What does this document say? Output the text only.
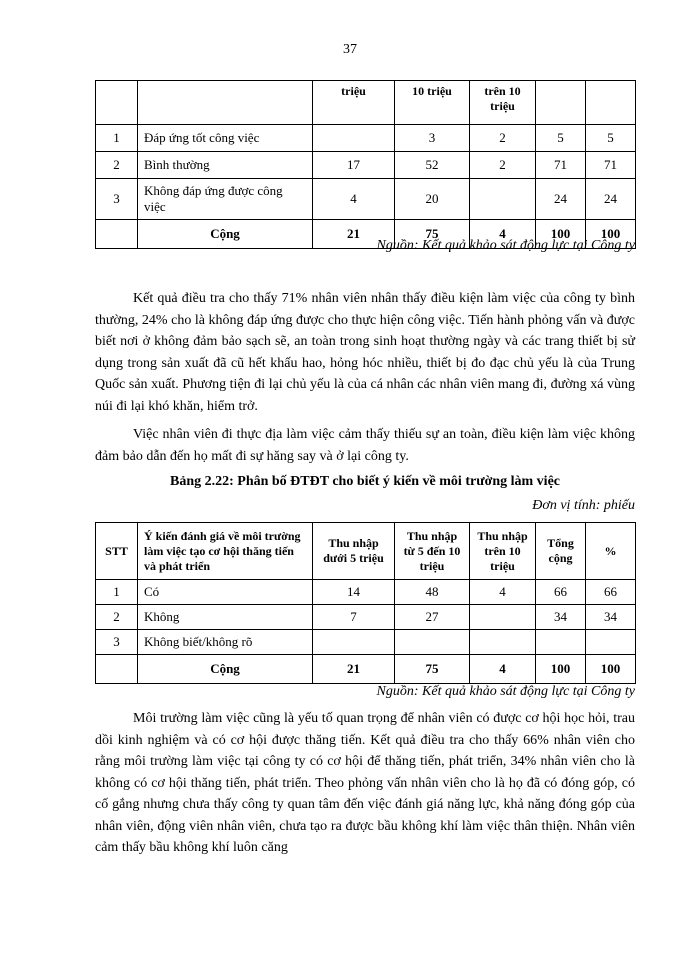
37
		triệu	10 triệu	trên 10 triệu		
1	Đáp ứng tốt công việc		3	2	5	5
2	Bình thường	17	52	2	71	71
3	Không đáp ứng được công việc	4	20		24	24
	Cộng	21	75	4	100	100
Nguồn: Kết quả khảo sát động lực tại Công ty

Kết quả điều tra cho thấy 71% nhân viên nhân thấy điều kiện làm việc của công ty bình thường, 24% cho là không đáp ứng được cho thực hiện công việc. Tiến hành phỏng vấn và được biết nơi ở không đảm bảo sạch sẽ, an toàn trong sinh hoạt thường ngày và các trang thiết bị sử dụng trong sản xuất đã cũ hết khấu hao, hỏng hóc nhiều, thiết bị đo đạc chủ yếu là của Trung Quốc sản xuất. Phương tiện đi lại chủ yếu là của cá nhân các nhân viên mang đi, đường xá vùng núi đi lại khó khăn, hiểm trở.

Việc nhân viên đi thực địa làm việc cảm thấy thiếu sự an toàn, điều kiện làm việc không đảm bảo dẫn đến họ mất đi sự hăng say và ở lại công ty.

Bảng 2.22: Phân bố ĐTĐT cho biết ý kiến về môi trường làm việc
Đơn vị tính: phiếu
STT	Ý kiến đánh giá về môi trường làm việc tạo cơ hội thăng tiến và phát triển	Thu nhập dưới 5 triệu	Thu nhập từ 5 đến 10 triệu	Thu nhập trên 10 triệu	Tổng cộng	%
1	Có	14	48	4	66	66
2	Không	7	27		34	34
3	Không biết/không rõ					
	Cộng	21	75	4	100	100
Nguồn: Kết quả khảo sát động lực tại Công ty

Môi trường làm việc cũng là yếu tố quan trọng để nhân viên có được cơ hội học hỏi, trau dồi kinh nghiệm và có cơ hội được thăng tiến. Kết quả điều tra cho thấy 66% nhân viên cho rằng môi trường làm việc tại công ty có cơ hội để thăng tiến, phát triển, 34% nhân viên cho là không có cơ hội thăng tiến, phát triển. Theo phỏng vấn nhân viên cho là họ đã có đóng góp, có cố gắng nhưng chưa thấy công ty quan tâm đến việc đánh giá năng lực, khả năng đóng góp của nhân viên, động viên nhân viên, chưa tạo ra được bầu không khí làm việc thân thiện. Nhân viên cảm thấy bầu không khí luôn căng
